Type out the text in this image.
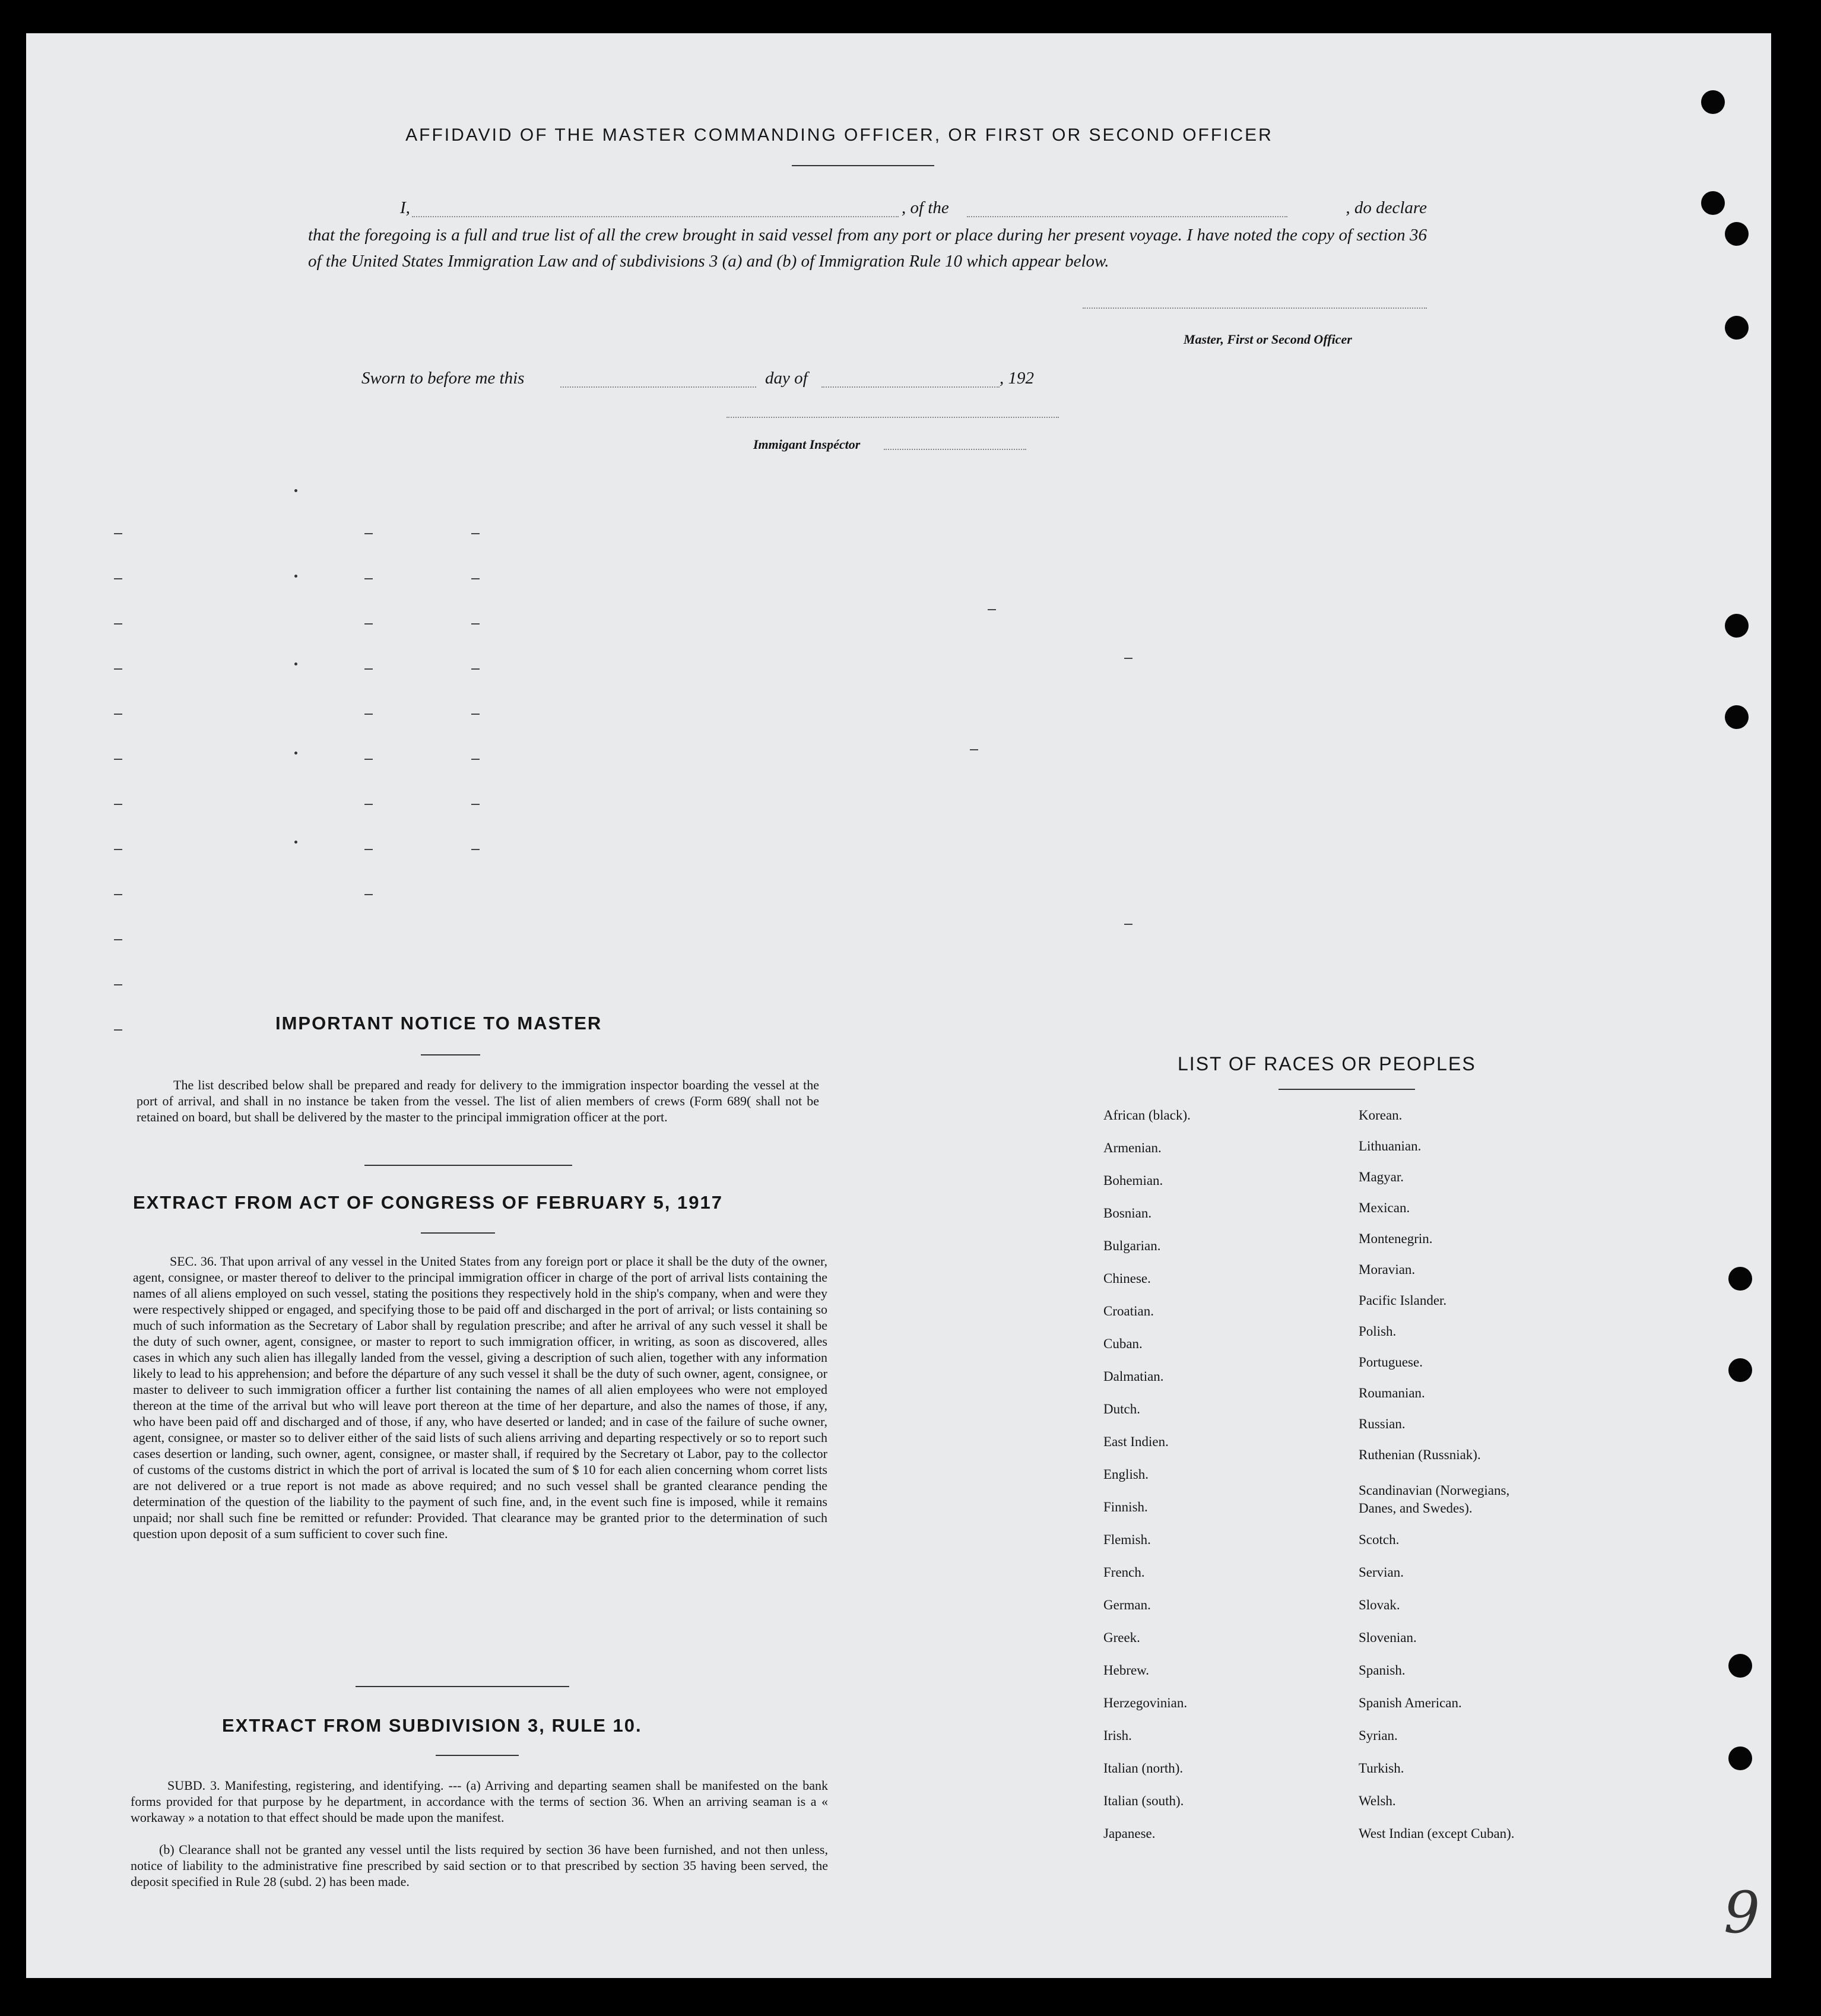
AFFIDAVID OF THE MASTER COMMANDING OFFICER, OR FIRST OR SECOND OFFICER
I,	, of the	, do declare
that the foregoing is a full and true list of all the crew brought in said vessel from any port or place during her present voyage. I have noted the copy of section 36 of the United States Immigration Law and of subdivisions 3 (a) and (b) of Immigration Rule 10 which appear below.
Master, First or Second Officer
Sworn to before me this	day of	, 192
Immigant Inspéctor
IMPORTANT NOTICE TO MASTER
The list described below shall be prepared and ready for delivery to the immigration inspector boarding the vessel at the port of arrival, and shall in no instance be taken from the vessel. The list of alien members of crews (Form 689( shall not be retained on board, but shall be delivered by the master to the principal immigration officer at the port.
EXTRACT FROM ACT OF CONGRESS OF FEBRUARY 5, 1917
SEC. 36. That upon arrival of any vessel in the United States from any foreign port or place it shall be the duty of the owner, agent, consignee, or master thereof to deliver to the principal immigration officer in charge of the port of arrival lists containing the names of all aliens employed on such vessel, stating the positions they respectively hold in the ship's company, when and were they were respectively shipped or engaged, and specifying those to be paid off and discharged in the port of arrival; or lists containing so much of such information as the Secretary of Labor shall by regulation prescribe; and after he arrival of any such vessel it shall be the duty of such owner, agent, consignee, or master to report to such immigration officer, in writing, as soon as discovered, alles cases in which any such alien has illegally landed from the vessel, giving a description of such alien, together with any information likely to lead to his apprehension; and before the départure of any such vessel it shall be the duty of such owner, agent, consignee, or master to deliveer to such immigration officer a further list containing the names of all alien employees who were not employed thereon at the time of the arrival but who will leave port thereon at the time of her departure, and also the names of those, if any, who have been paid off and discharged and of those, if any, who have deserted or landed; and in case of the failure of suche owner, agent, consignee, or master so to deliver either of the said lists of such aliens arriving and departing respectively or so to report such cases desertion or landing, such owner, agent, consignee, or master shall, if required by the Secretary ot Labor, pay to the collector of customs of the customs district in which the port of arrival is located the sum of $ 10 for each alien concerning whom corret lists are not delivered or a true report is not made as above required; and no such vessel shall be granted clearance pending the determination of the question of the liability to the payment of such fine, and, in the event such fine is imposed, while it remains unpaid; nor shall such fine be remitted or refunder: Provided. That clearance may be granted prior to the determination of such question upon deposit of a sum sufficient to cover such fine.
EXTRACT FROM SUBDIVISION 3, RULE 10.
SUBD. 3. Manifesting, registering, and identifying. --- (a) Arriving and departing seamen shall be manifested on the bank forms provided for that purpose by he department, in accordance with the terms of section 36. When an arriving seaman is a « workaway » a notation to that effect should be made upon the manifest.
(b) Clearance shall not be granted any vessel until the lists required by section 36 have been furnished, and not then unless, notice of liability to the administrative fine prescribed by said section or to that prescribed by section 35 having been served, the deposit specified in Rule 28 (subd. 2) has been made.
LIST OF RACES OR PEOPLES
African (black).
Armenian.
Bohemian.
Bosnian.
Bulgarian.
Chinese.
Croatian.
Cuban.
Dalmatian.
Dutch.
East Indien.
English.
Finnish.
Flemish.
French.
German.
Greek.
Hebrew.
Herzegovinian.
Irish.
Italian (north).
Italian (south).
Japanese.
Korean.
Lithuanian.
Magyar.
Mexican.
Montenegrin.
Moravian.
Pacific Islander.
Polish.
Portuguese.
Roumanian.
Russian.
Ruthenian (Russniak).
Scandinavian (Norwegians, Danes, and Swedes).
Scotch.
Servian.
Slovak.
Slovenian.
Spanish.
Spanish American.
Syrian.
Turkish.
Welsh.
West Indian (except Cuban).
9
